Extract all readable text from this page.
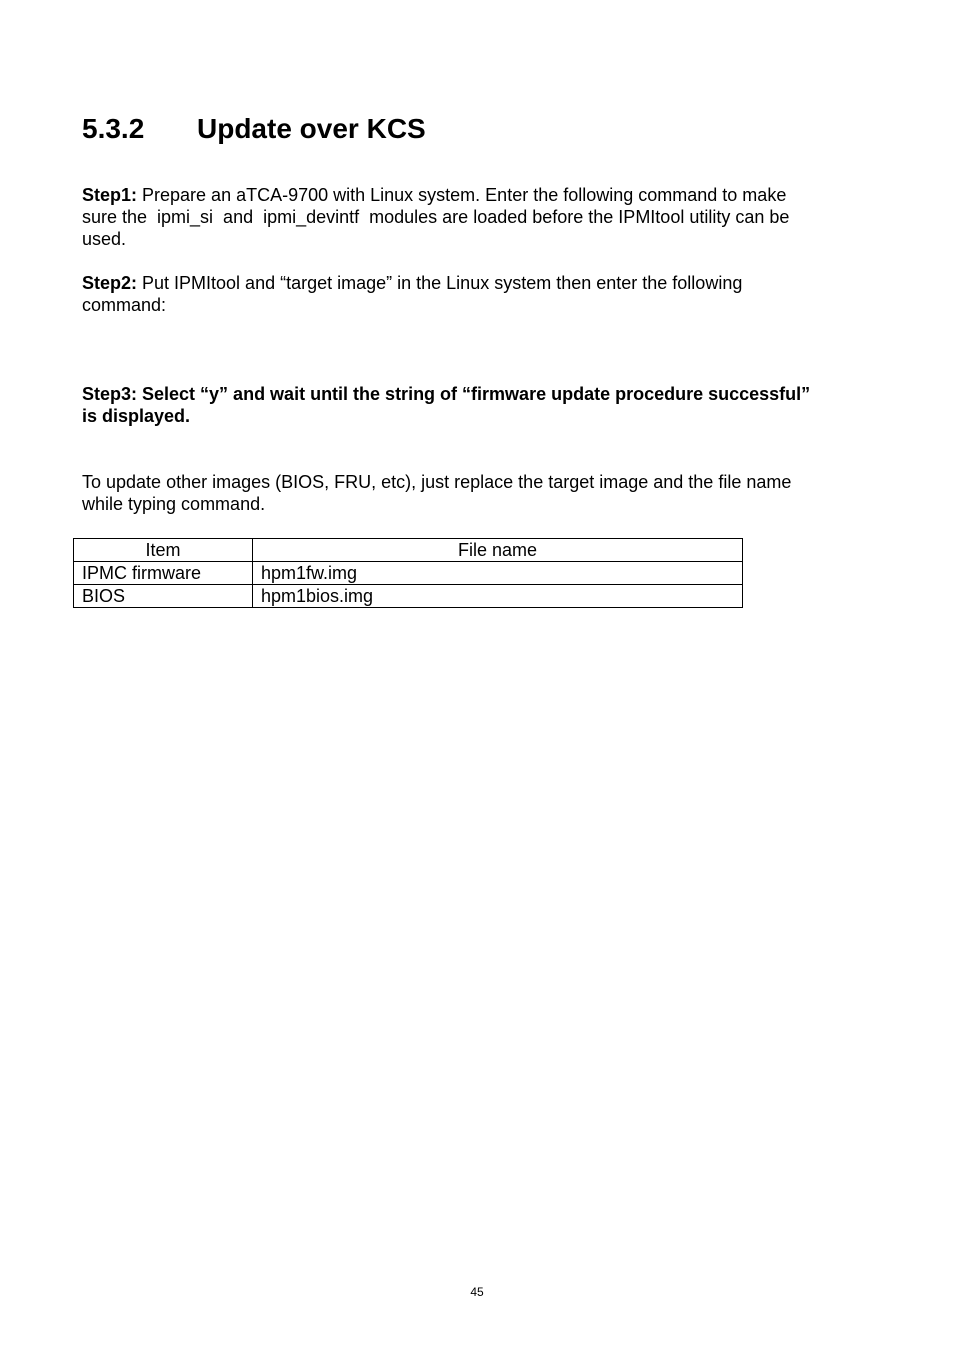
5.3.2 Update over KCS

Step1: Prepare an aTCA-9700 with Linux system. Enter the following command to make
sure the  ipmi_si  and  ipmi_devintf  modules are loaded before the IPMItool utility can be
used.

Step2: Put IPMItool and “target image” in the Linux system then enter the following
command:

Step3: Select “y” and wait until the string of “firmware update procedure successful”
is displayed.

To update other images (BIOS, FRU, etc), just replace the target image and the file name
while typing command.

Item	File name
IPMC firmware	hpm1fw.img
BIOS	hpm1bios.img
45
